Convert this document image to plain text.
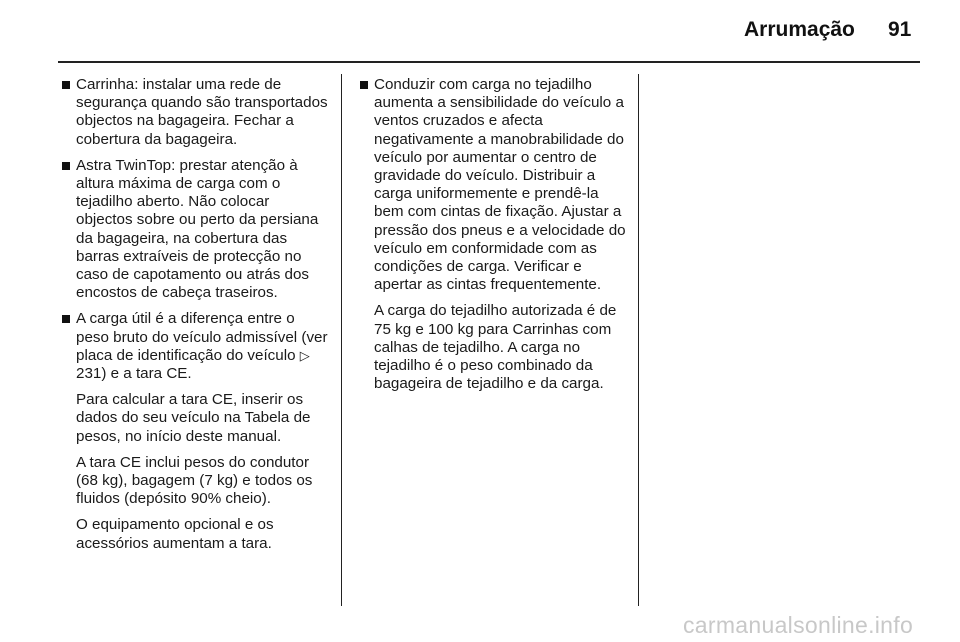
Arrumação 91
Carrinha: instalar uma rede de segurança quando são transportados objectos na bagageira. Fechar a cobertura da bagageira.
Astra TwinTop: prestar atenção à altura máxima de carga com o tejadilho aberto. Não colocar objectos sobre ou perto da persiana da bagageira, na cobertura das barras extraíveis de protecção no caso de capotamento ou atrás dos encostos de cabeça traseiros.
A carga útil é a diferença entre o peso bruto do veículo admissível (ver placa de identificação do veículo ▷ 231) e a tara CE.

Para calcular a tara CE, inserir os dados do seu veículo na Tabela de pesos, no início deste manual.

A tara CE inclui pesos do condutor (68 kg), bagagem (7 kg) e todos os fluidos (depósito 90% cheio).

O equipamento opcional e os acessórios aumentam a tara.

Conduzir com carga no tejadilho aumenta a sensibilidade do veículo a ventos cruzados e afecta negativamente a manobrabilidade do veículo por aumentar o centro de gravidade do veículo. Distribuir a carga uniformemente e prendê-la bem com cintas de fixação. Ajustar a pressão dos pneus e a velocidade do veículo em conformidade com as condições de carga. Verificar e apertar as cintas frequentemente.

A carga do tejadilho autorizada é de 75 kg e 100 kg para Carrinhas com calhas de tejadilho. A carga no tejadilho é o peso combinado da bagageira de tejadilho e da carga.

carmanualsonline.info
